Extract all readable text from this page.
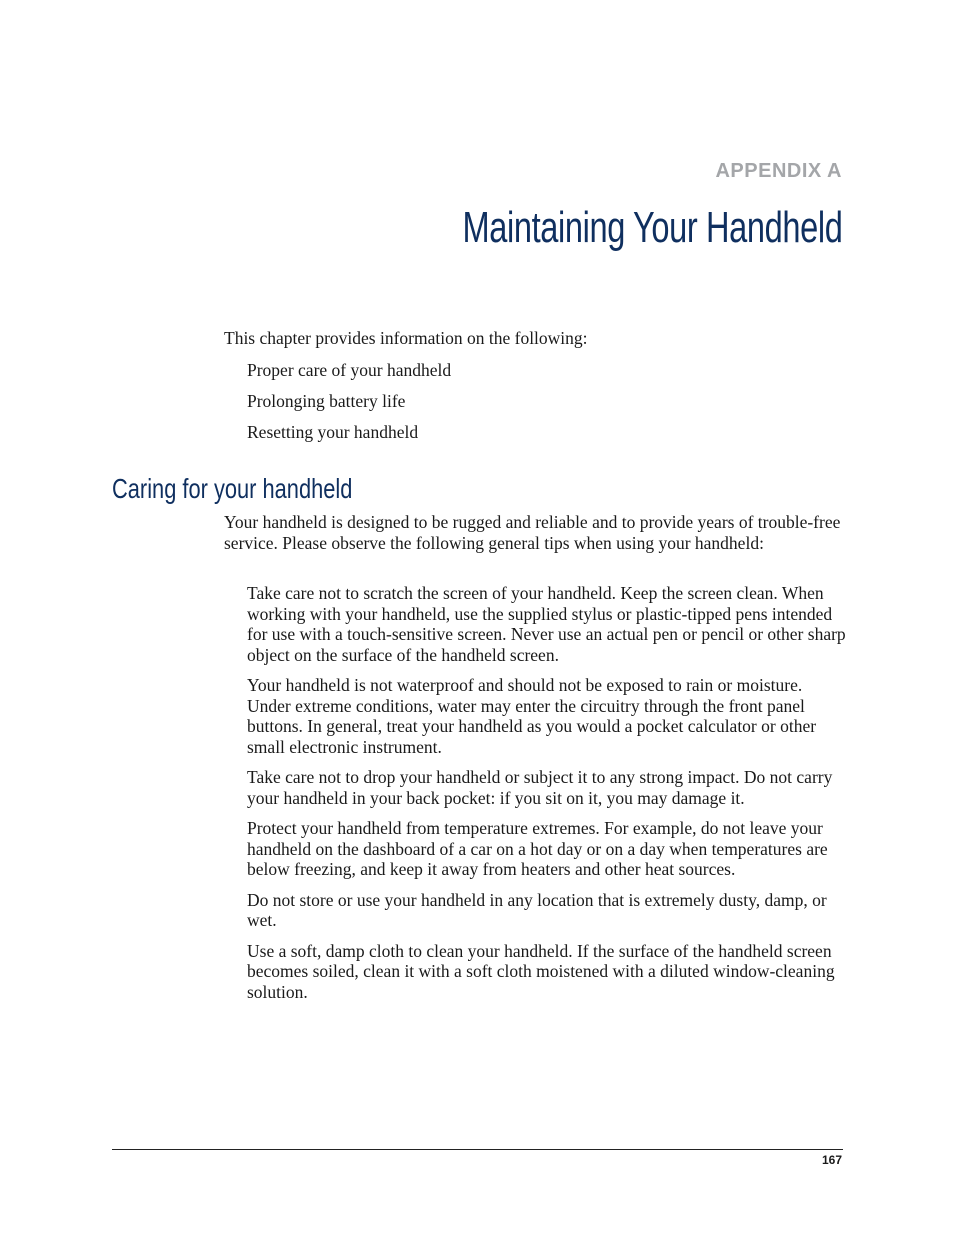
APPENDIX A
Maintaining Your Handheld

This chapter provides information on the following:

Proper care of your handheld
Prolonging battery life
Resetting your handheld
Caring for your handheld

Your handheld is designed to be rugged and reliable and to provide years of trouble-free service. Please observe the following general tips when using your handheld:

Take care not to scratch the screen of your handheld. Keep the screen clean. When working with your handheld, use the supplied stylus or plastic-tipped pens intended for use with a touch-sensitive screen. Never use an actual pen or pencil or other sharp object on the surface of the handheld screen.
Your handheld is not waterproof and should not be exposed to rain or moisture. Under extreme conditions, water may enter the circuitry through the front panel buttons. In general, treat your handheld as you would a pocket calculator or other small electronic instrument.
Take care not to drop your handheld or subject it to any strong impact. Do not carry your handheld in your back pocket: if you sit on it, you may damage it.
Protect your handheld from temperature extremes. For example, do not leave your handheld on the dashboard of a car on a hot day or on a day when temperatures are below freezing, and keep it away from heaters and other heat sources.
Do not store or use your handheld in any location that is extremely dusty, damp, or wet.
Use a soft, damp cloth to clean your handheld. If the surface of the handheld screen becomes soiled, clean it with a soft cloth moistened with a diluted window-cleaning solution.
167
